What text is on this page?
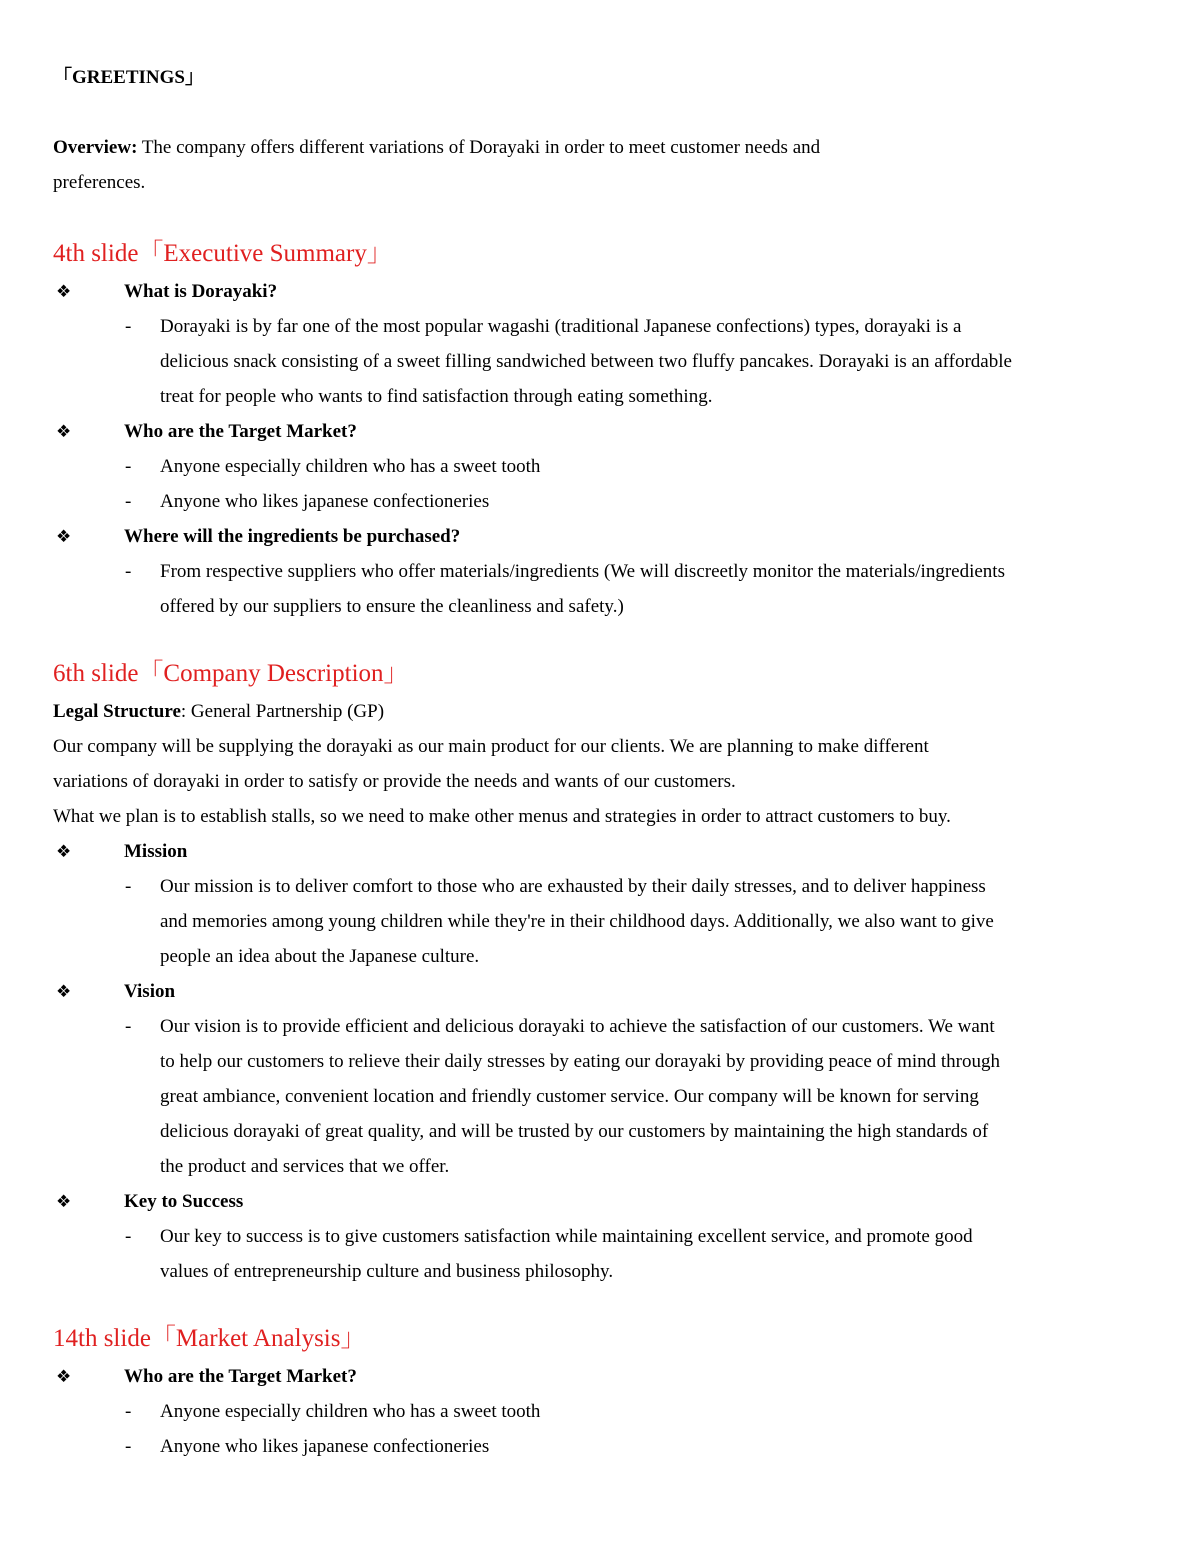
「GREETINGS」

Overview: The company offers different variations of Dorayaki in order to meet customer needs and
preferences.

4th slide「Executive Summary」

❖	What is Dorayaki?
- Dorayaki is by far one of the most popular wagashi (traditional Japanese confections) types, dorayaki is a
delicious snack consisting of a sweet filling sandwiched between two fluffy pancakes. Dorayaki is an affordable
treat for people who wants to find satisfaction through eating something.
❖	Who are the Target Market?
- Anyone especially children who has a sweet tooth
- Anyone who likes japanese confectioneries
❖	Where will the ingredients be purchased?
- From respective suppliers who offer materials/ingredients (We will discreetly monitor the materials/ingredients
offered by our suppliers to ensure the cleanliness and safety.)

6th slide「Company Description」

Legal Structure: General Partnership (GP)

Our company will be supplying the dorayaki as our main product for our clients. We are planning to make different
variations of dorayaki in order to satisfy or provide the needs and wants of our customers.
What we plan is to establish stalls, so we need to make other menus and strategies in order to attract customers to buy.

❖	Mission
- Our mission is to deliver comfort to those who are exhausted by their daily stresses, and to deliver happiness
and memories among young children while they're in their childhood days. Additionally, we also want to give
people an idea about the Japanese culture.
❖	Vision
- Our vision is to provide efficient and delicious dorayaki to achieve the satisfaction of our customers. We want
to help our customers to relieve their daily stresses by eating our dorayaki by providing peace of mind through
great ambiance, convenient location and friendly customer service. Our company will be known for serving
delicious dorayaki of great quality, and will be trusted by our customers by maintaining the high standards of
the product and services that we offer.
❖	Key to Success
- Our key to success is to give customers satisfaction while maintaining excellent service, and promote good
values of entrepreneurship culture and business philosophy.

14th slide「Market Analysis」

❖	Who are the Target Market?
- Anyone especially children who has a sweet tooth
- Anyone who likes japanese confectioneries
